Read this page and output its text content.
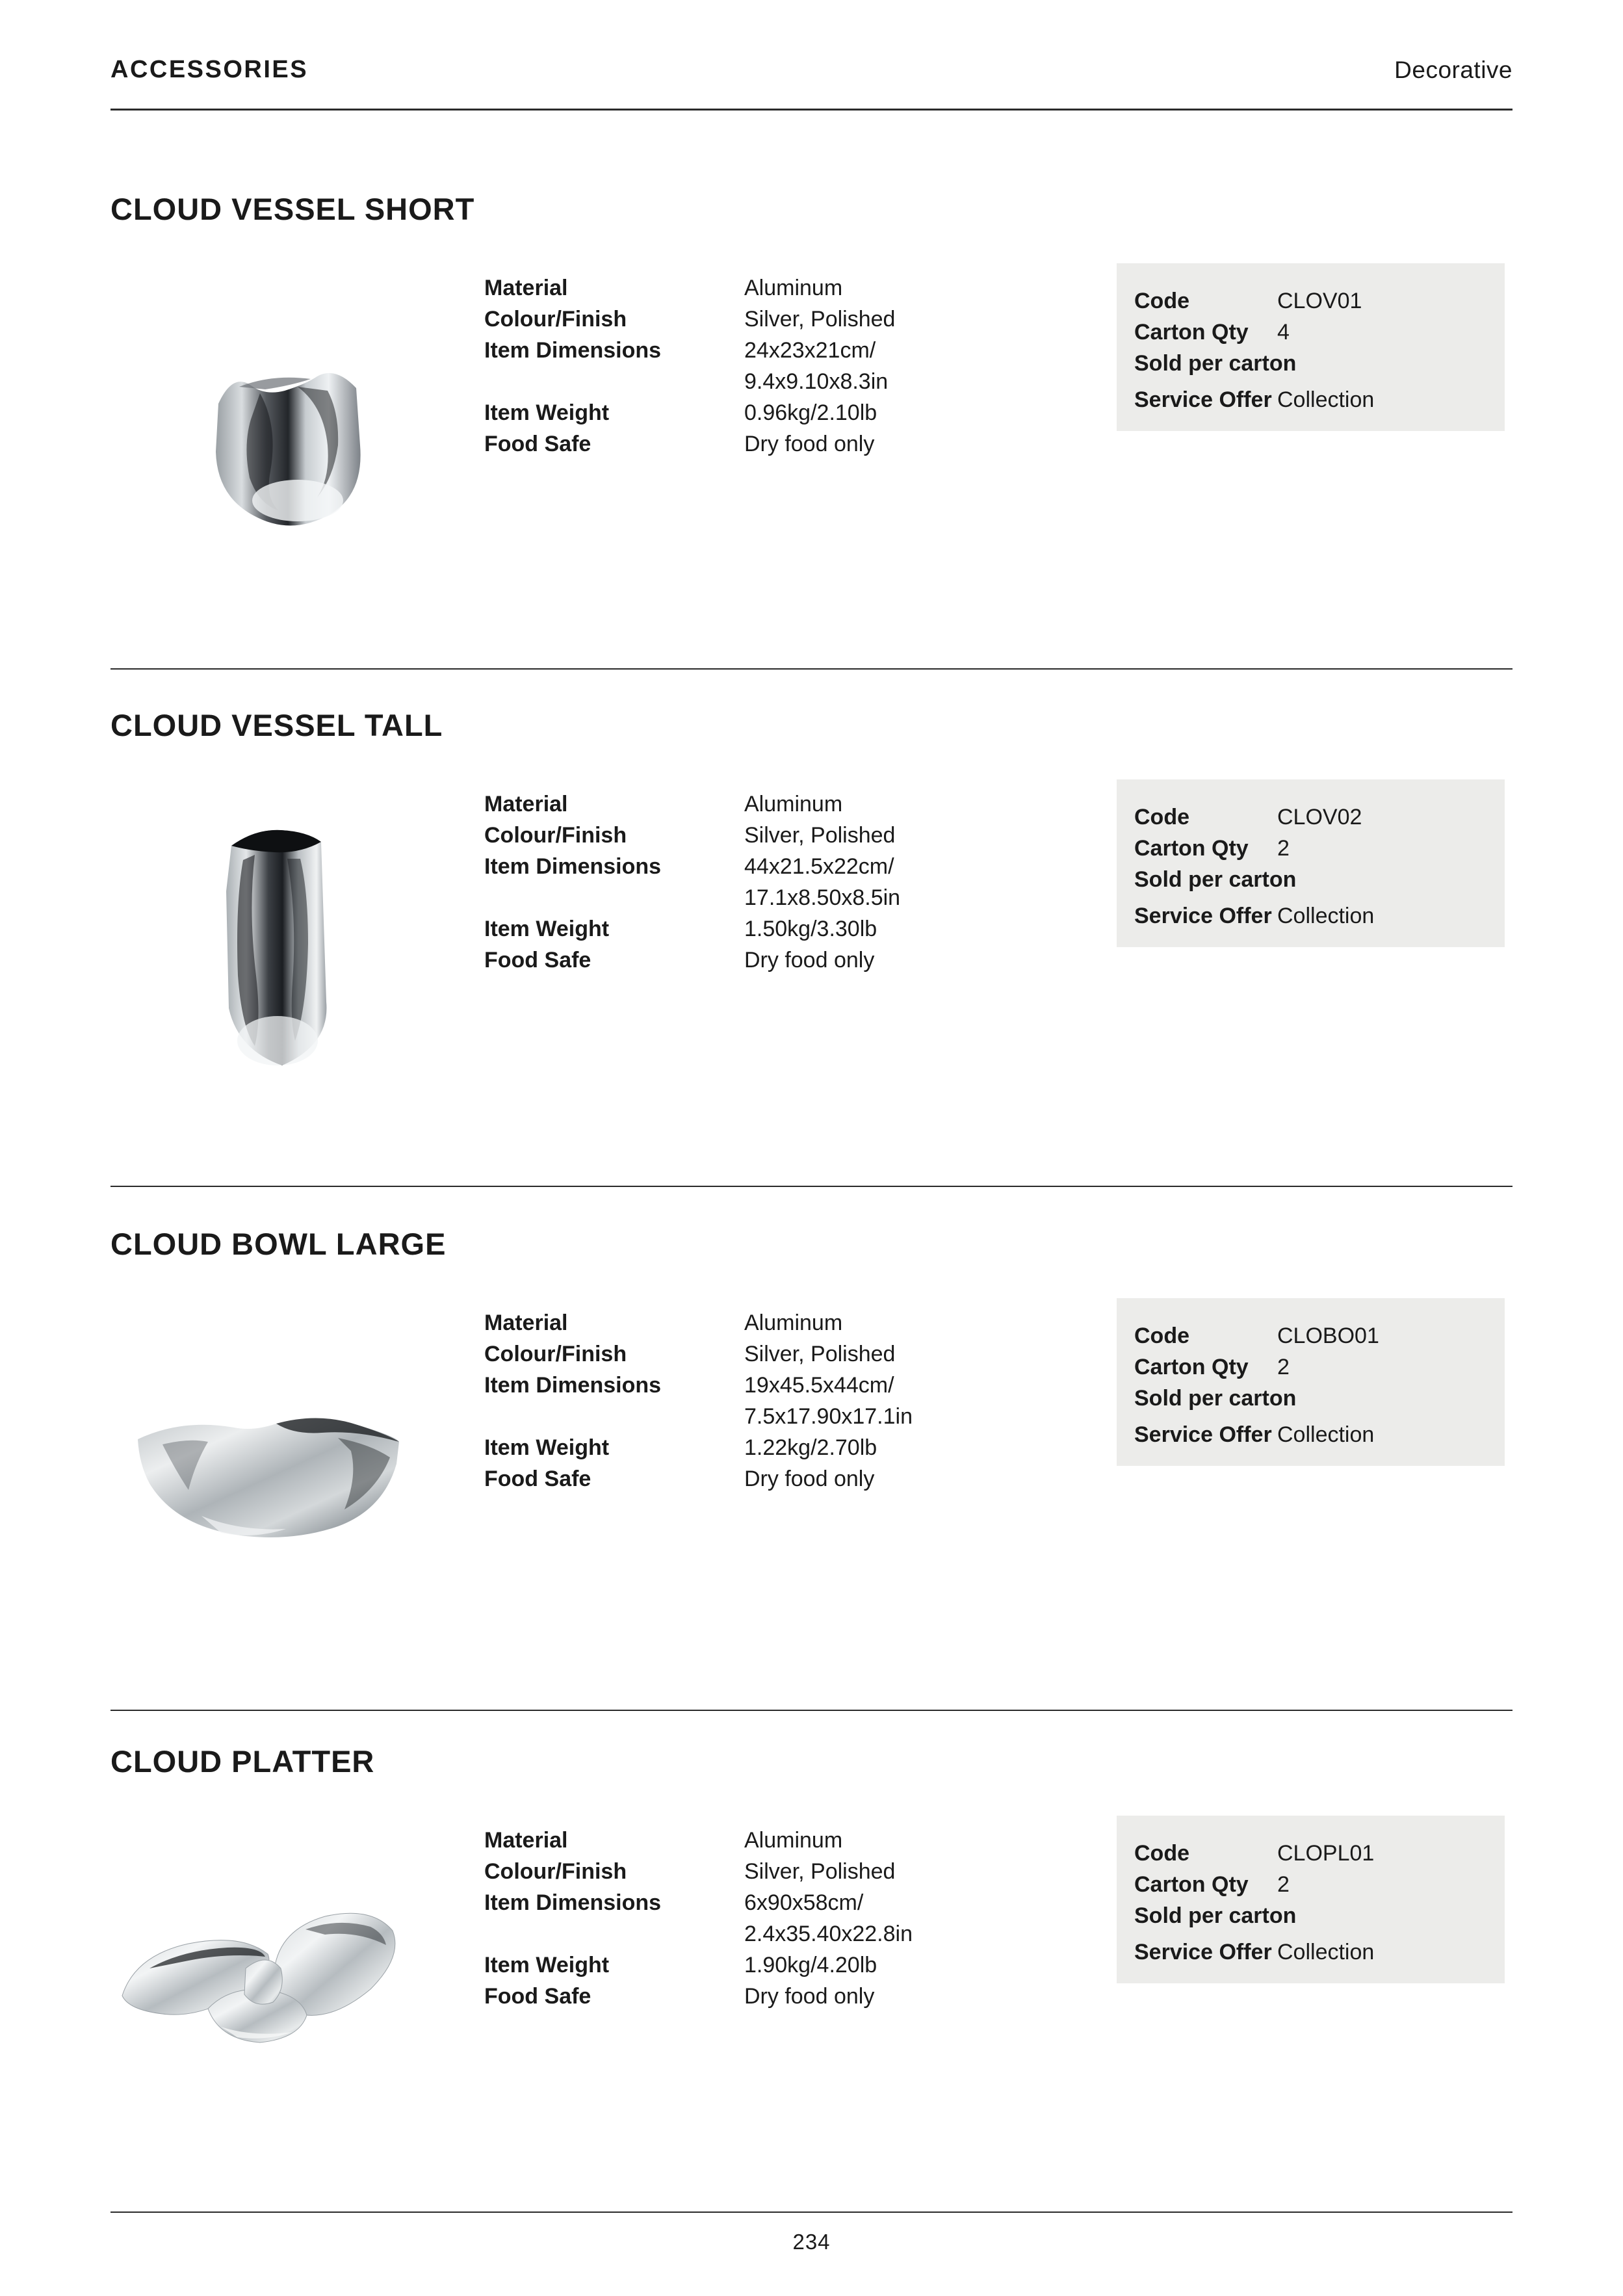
ACCESSORIES	Decorative
CLOUD VESSEL SHORT
Material	Aluminum
Colour/Finish	Silver, Polished
Item Dimensions	24x23x21cm/
9.4x9.10x8.3in
Item Weight	0.96kg/2.10lb
Food Safe	Dry food only
Code	CLOV01
Carton Qty	4
Sold per carton
Service Offer Collection
CLOUD VESSEL TALL
Material	Aluminum
Colour/Finish	Silver, Polished
Item Dimensions	44x21.5x22cm/
17.1x8.50x8.5in
Item Weight	1.50kg/3.30lb
Food Safe	Dry food only
Code	CLOV02
Carton Qty	2
Sold per carton
Service Offer Collection
CLOUD BOWL LARGE
Material	Aluminum
Colour/Finish	Silver, Polished
Item Dimensions	19x45.5x44cm/
7.5x17.90x17.1in
Item Weight	1.22kg/2.70lb
Food Safe	Dry food only
Code	CLOBO01
Carton Qty	2
Sold per carton
Service Offer Collection
CLOUD PLATTER
Material	Aluminum
Colour/Finish	Silver, Polished
Item Dimensions	6x90x58cm/
2.4x35.40x22.8in
Item Weight	1.90kg/4.20lb
Food Safe	Dry food only
Code	CLOPL01
Carton Qty	2
Sold per carton
Service Offer Collection
234
